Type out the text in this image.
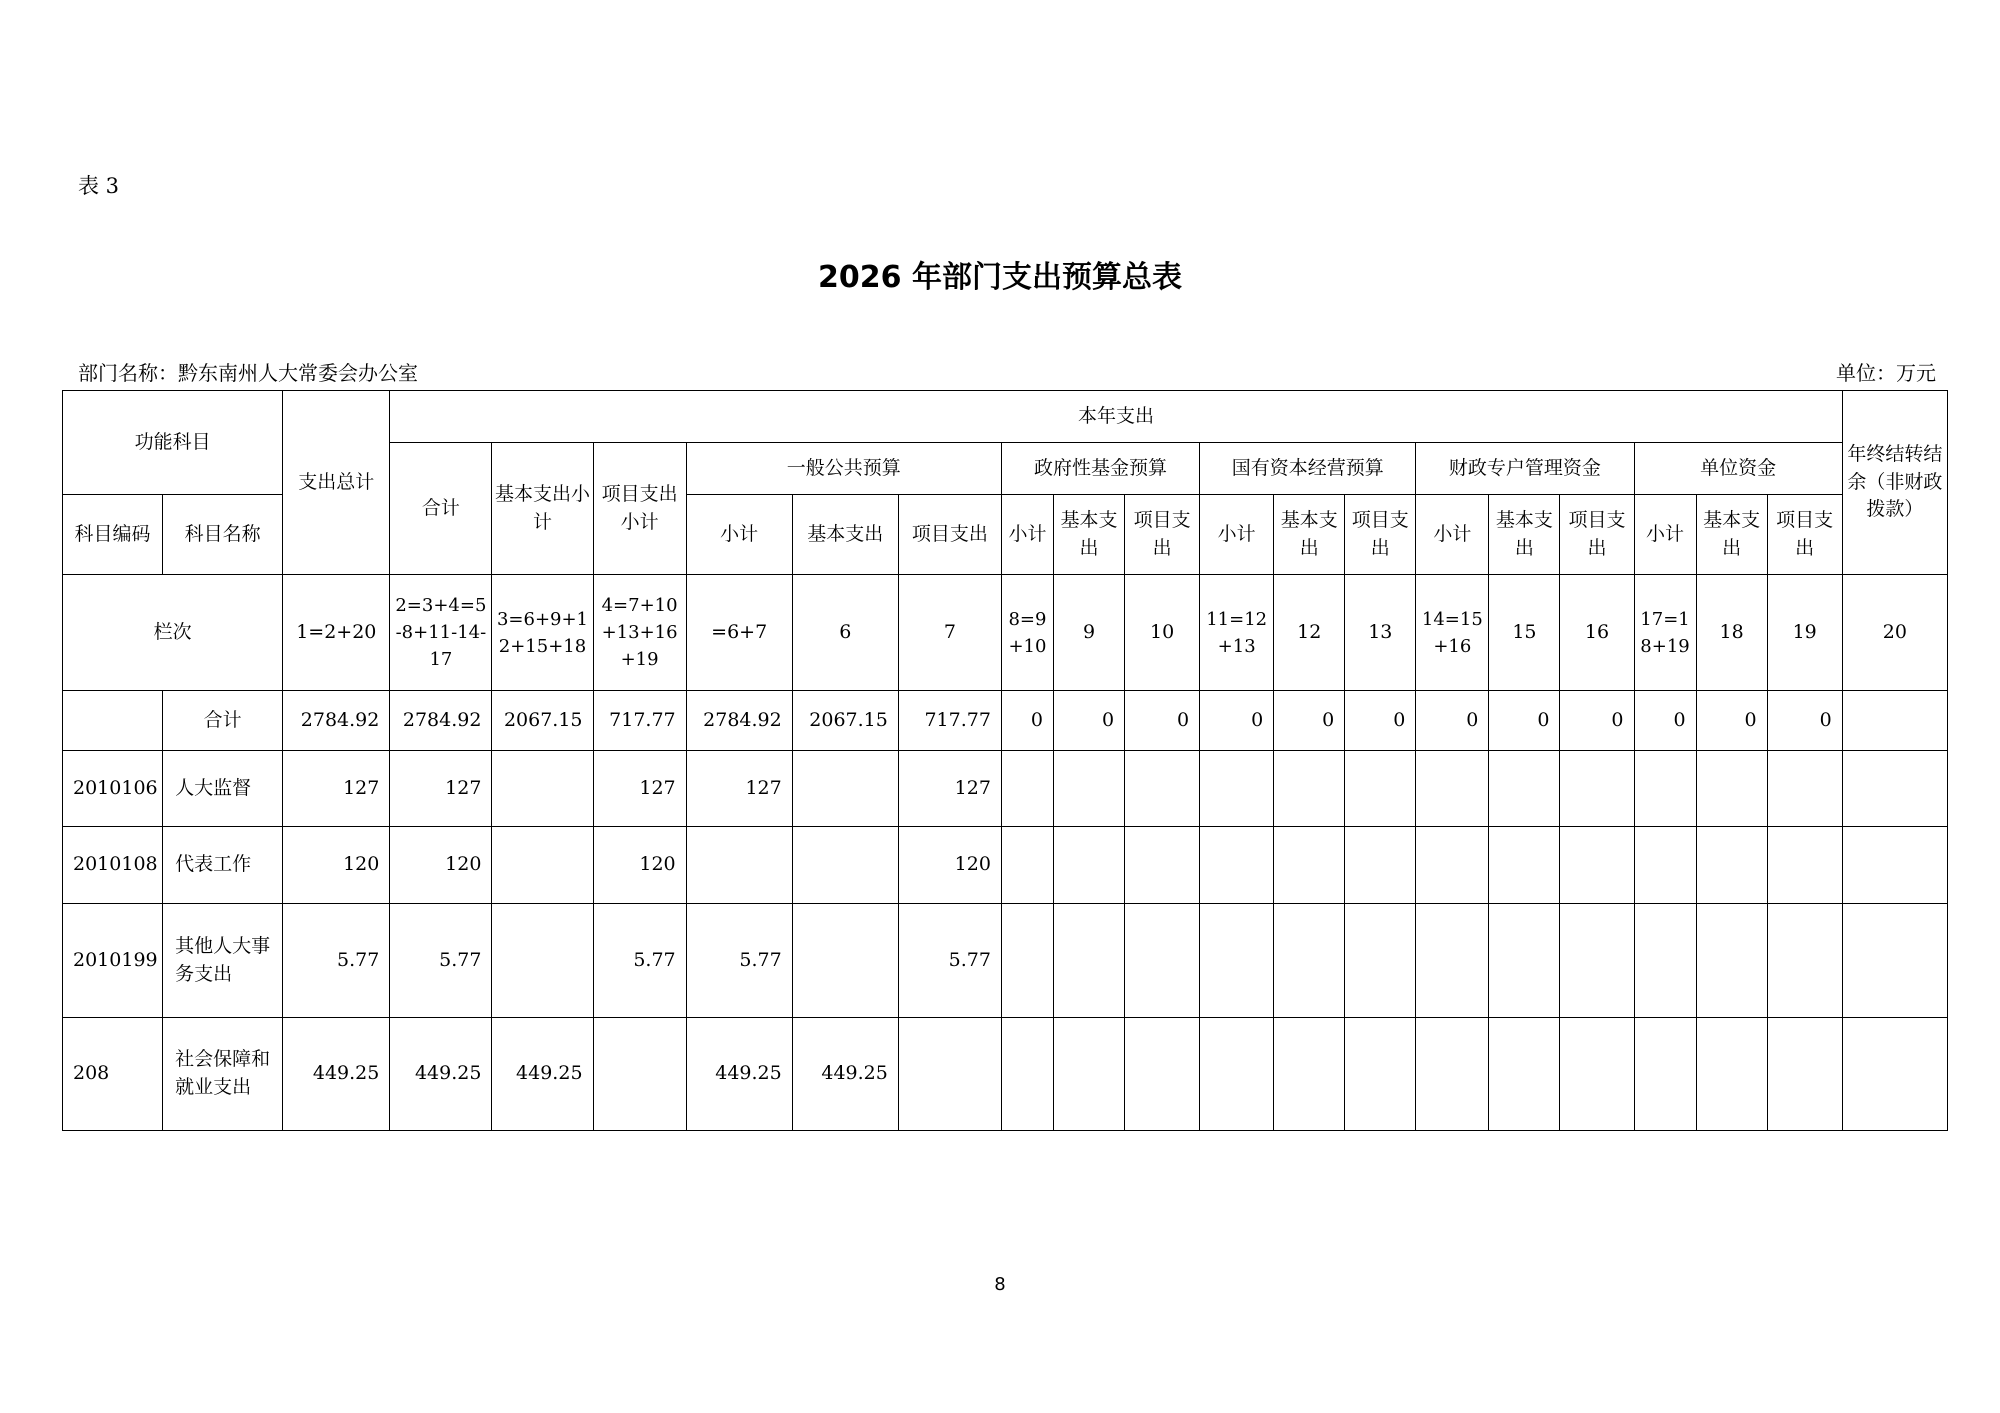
表 3
2026 年部门支出预算总表
部门名称：黔东南州人大常委会办公室	单位：万元
功能科目		支出总计	本年支出																		年终结转结余（非财政拨款）
			合计	基本支出小计	项目支出小计	一般公共预算			政府性基金预算			国有资本经营预算			财政专户管理资金			单位资金			
科目编码	科目名称					小计	基本支出	项目支出	小计	基本支出	项目支出	小计	基本支出	项目支出	小计	基本支出	项目支出	小计	基本支出	项目支出	
栏次		1=2+20	2=3+4=5-8+11-14-17	3=6+9+12+15+18	4=7+10+13+16+19	=6+7	6	7	8=9+10	9	10	11=12+13	12	13	14=15+16	15	16	17=18+19	18	19	20
	合计	2784.92	2784.92	2067.15	717.77	2784.92	2067.15	717.77	0	0	0	0	0	0	0	0	0	0	0	0	
2010106	人大监督	127	127		127	127		127													
2010108	代表工作	120	120		120			120													
2010199	其他人大事务支出	5.77	5.77		5.77	5.77		5.77													
208	社会保障和就业支出	449.25	449.25	449.25		449.25	449.25														
8
